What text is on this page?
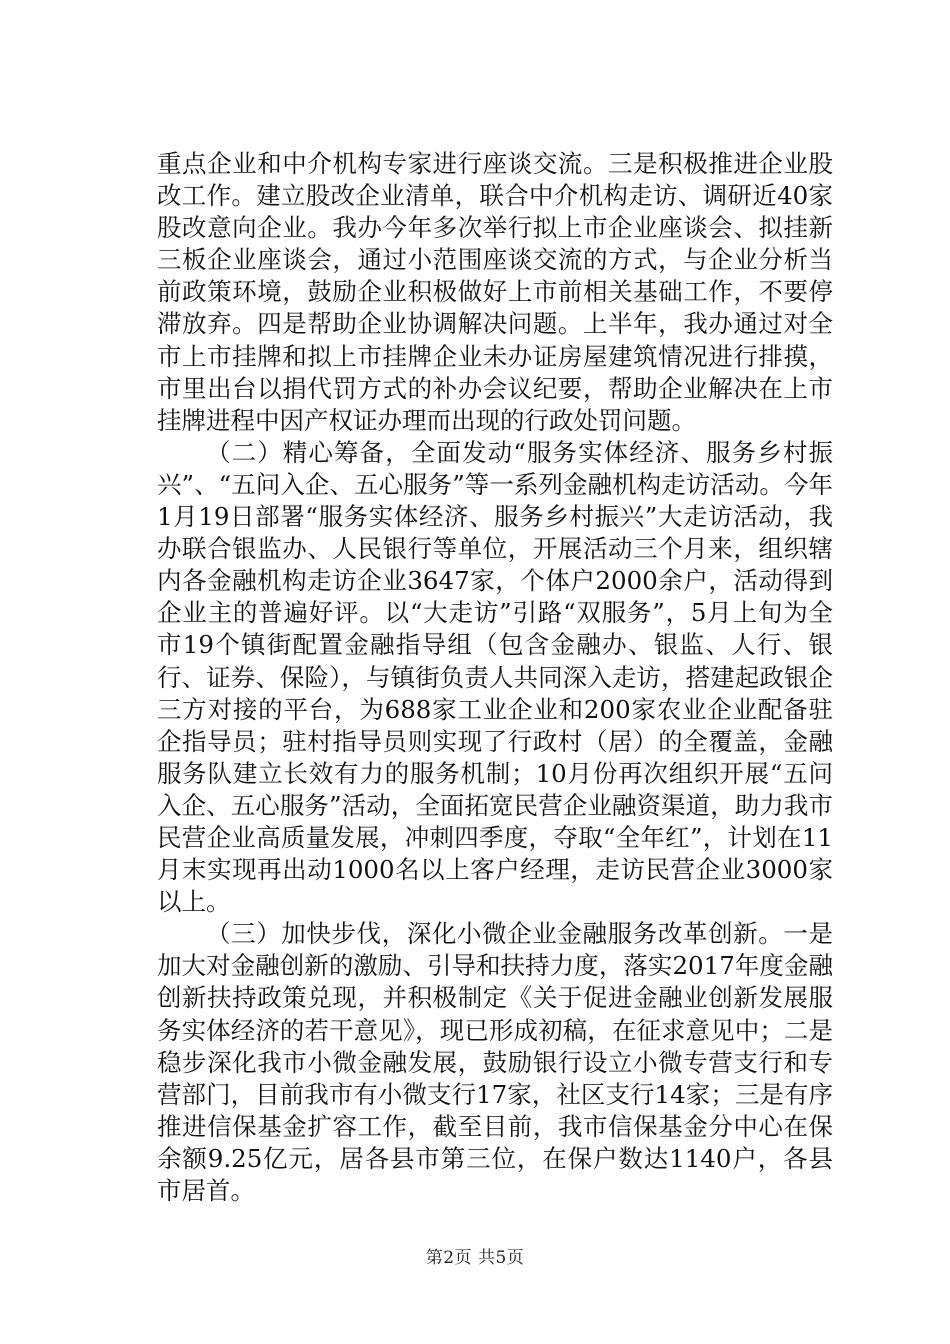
重点企业和中介机构专家进行座谈交流。三是积极推进企业股改工作。建立股改企业清单，联合中介机构走访、调研近40家股改意向企业。我办今年多次举行拟上市企业座谈会、拟挂新三板企业座谈会，通过小范围座谈交流的方式，与企业分析当前政策环境，鼓励企业积极做好上市前相关基础工作，不要停滞放弃。四是帮助企业协调解决问题。上半年，我办通过对全市上市挂牌和拟上市挂牌企业未办证房屋建筑情况进行排摸，市里出台以捐代罚方式的补办会议纪要，帮助企业解决在上市挂牌进程中因产权证办理而出现的行政处罚问题。

（二）精心筹备，全面发动“服务实体经济、服务乡村振兴”、“五问入企、五心服务”等一系列金融机构走访活动。今年1月19日部署“服务实体经济、服务乡村振兴”大走访活动，我办联合银监办、人民银行等单位，开展活动三个月来，组织辖内各金融机构走访企业3647家，个体户2000余户，活动得到企业主的普遍好评。以“大走访”引路“双服务”，5月上旬为全市19个镇街配置金融指导组（包含金融办、银监、人行、银行、证券、保险），与镇街负责人共同深入走访，搭建起政银企三方对接的平台，为688家工业企业和200家农业企业配备驻企指导员；驻村指导员则实现了行政村（居）的全覆盖，金融服务队建立长效有力的服务机制；10月份再次组织开展“五问入企、五心服务”活动，全面拓宽民营企业融资渠道，助力我市民营企业高质量发展，冲刺四季度，夺取“全年红”，计划在11月末实现再出动1000名以上客户经理，走访民营企业3000家以上。

（三）加快步伐，深化小微企业金融服务改革创新。一是加大对金融创新的激励、引导和扶持力度，落实2017年度金融创新扶持政策兑现，并积极制定《关于促进金融业创新发展服务实体经济的若干意见》，现已形成初稿，在征求意见中；二是稳步深化我市小微金融发展，鼓励银行设立小微专营支行和专营部门，目前我市有小微支行17家，社区支行14家；三是有序推进信保基金扩容工作，截至目前，我市信保基金分中心在保余额9.25亿元，居各县市第三位，在保户数达1140户，各县市居首。

第2页 共5页
